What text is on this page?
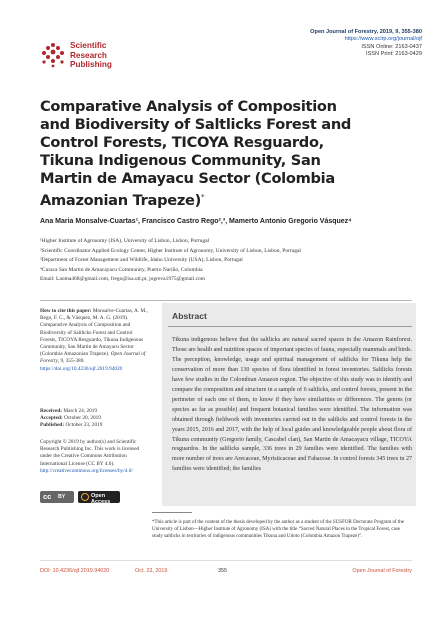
Scientific
Research
Publishing
Open Journal of Forestry, 2019, 9, 355-380
https://www.scirp.org/journal/ojf
ISSN Online: 2163-0437
ISSN Print: 2163-0429
Comparative Analysis of Composition and Biodiversity of Saltlicks Forest and Control Forests, TICOYA Resguardo, Tikuna Indigenous Community, San Martin de Amayacu Sector (Colombia Amazonian Trapeze)*
Ana Maria Monsalve-Cuartas¹, Francisco Castro Rego²,³, Mamerto Antonio Gregorio Vásquez⁴
¹Higher Institute of Agronomy (ISA), University of Lisbon, Lisbon, Portugal
²Scientific Coordinator Applied Ecology Center, Higher Institute of Agronomy, University of Lisbon, Lisbon, Portugal
³Department of Forest Management and Wildlife, Idaho University (USA), Lisbon, Portugal
⁴Curaca San Martin de Amacayacu Community, Puerto Nariño, Colombia
Email: Laoma468@gmail.com, frego@isa.utl.pt, jogreva1975@gmail.com
How to cite this paper: Monsalve-Cuartas, A. M., Rego, F. C., & Vásquez, M. A. G. (2019). Comparative Analysis of Composition and Biodiversity of Saltlicks Forest and Control Forests, TICOYA Resguardo, Tikuna Indigenous Community, San Martin de Amayacu Sector (Colombia Amazonian Trapeze). Open Journal of Forestry, 9, 355-380.
https://doi.org/10.4236/ojf.2019.94020
Received: March 24, 2019
Accepted: October 20, 2019
Published: October 23, 2019
Copyright © 2019 by author(s) and Scientific Research Publishing Inc. This work is licensed under the Creative Commons Attribution International License (CC BY 4.0).
http://creativecommons.org/licenses/by/4.0/
cc BY	Open Access
Abstract
Tikuna indigenous believe that the saltlicks are natural sacred spaces in the Amazon Rainforest. Those are health and nutrition spaces of important species of fauna, especially mammals and birds. The perception, knowledge, usage and spiritual management of saltlicks for Tikuna help the conservation of more than 130 species of flora identified in forest inventories. Saltlicks forests have few studies in the Colombian Amazon region. The objective of this study was to identify and compare the composition and structure in a sample of 6 saltlicks, and control forests, present in the perimeter of each one of them, to know if they have similarities or differences. The genres (or species as far as possible) and frequent botanical families were identified. The information was obtained through fieldwork with inventories carried out in the saltlicks and control forests in the years 2015, 2016 and 2017, with the help of local guides and knowledgeable people about flora of Tikuna community (Gregorio family, Cascabel clan), San Martin de Amacayacu village, TICOYA resguardos. In the saltlicks sample, 336 trees in 29 families were identified. The families with more number of trees are Arecaceae, Myristicaceae and Fabaceae. In control forests 345 trees in 27 families were identified; the families
*This article is part of the content of the thesis developed by the author as a student of the SUSFOR Doctorate Program of the University of Lisbon—Higher Institute of Agronomy (ISA) with the title “Sacred Natural Places in the Tropical Forest, case study saltlicks in territories of indigenous communities Tikuna and Uitoto (Colombia Amazon Trapeze)”.
DOI: 10.4236/ojf.2019.94020	Oct. 23, 2019	355	Open Journal of Forestry
